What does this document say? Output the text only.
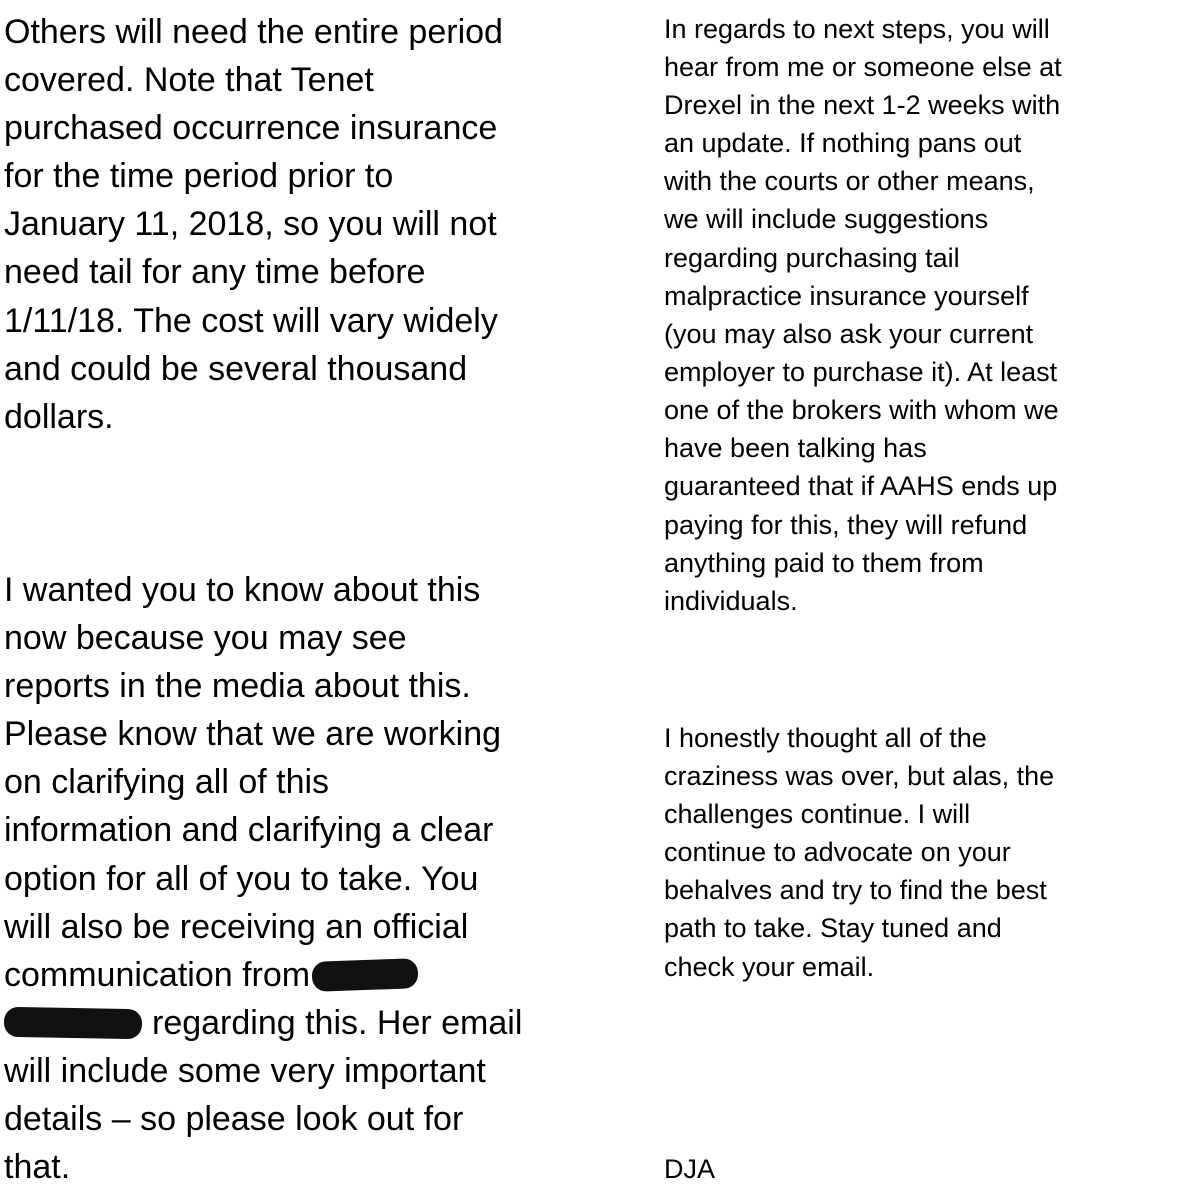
Others will need the entire period
covered. Note that Tenet
purchased occurrence insurance
for the time period prior to
January 11, 2018, so you will not
need tail for any time before
1/11/18. The cost will vary widely
and could be several thousand
dollars.
I wanted you to know about this
now because you may see
reports in the media about this.
Please know that we are working
on clarifying all of this
information and clarifying a clear
option for all of you to take. You
will also be receiving an official
communication from
regarding this. Her email
will include some very important
details – so please look out for
that.
In regards to next steps, you will
hear from me or someone else at
Drexel in the next 1-2 weeks with
an update. If nothing pans out
with the courts or other means,
we will include suggestions
regarding purchasing tail
malpractice insurance yourself
(you may also ask your current
employer to purchase it). At least
one of the brokers with whom we
have been talking has
guaranteed that if AAHS ends up
paying for this, they will refund
anything paid to them from
individuals.
I honestly thought all of the
craziness was over, but alas, the
challenges continue. I will
continue to advocate on your
behalves and try to find the best
path to take. Stay tuned and
check your email.
DJA
